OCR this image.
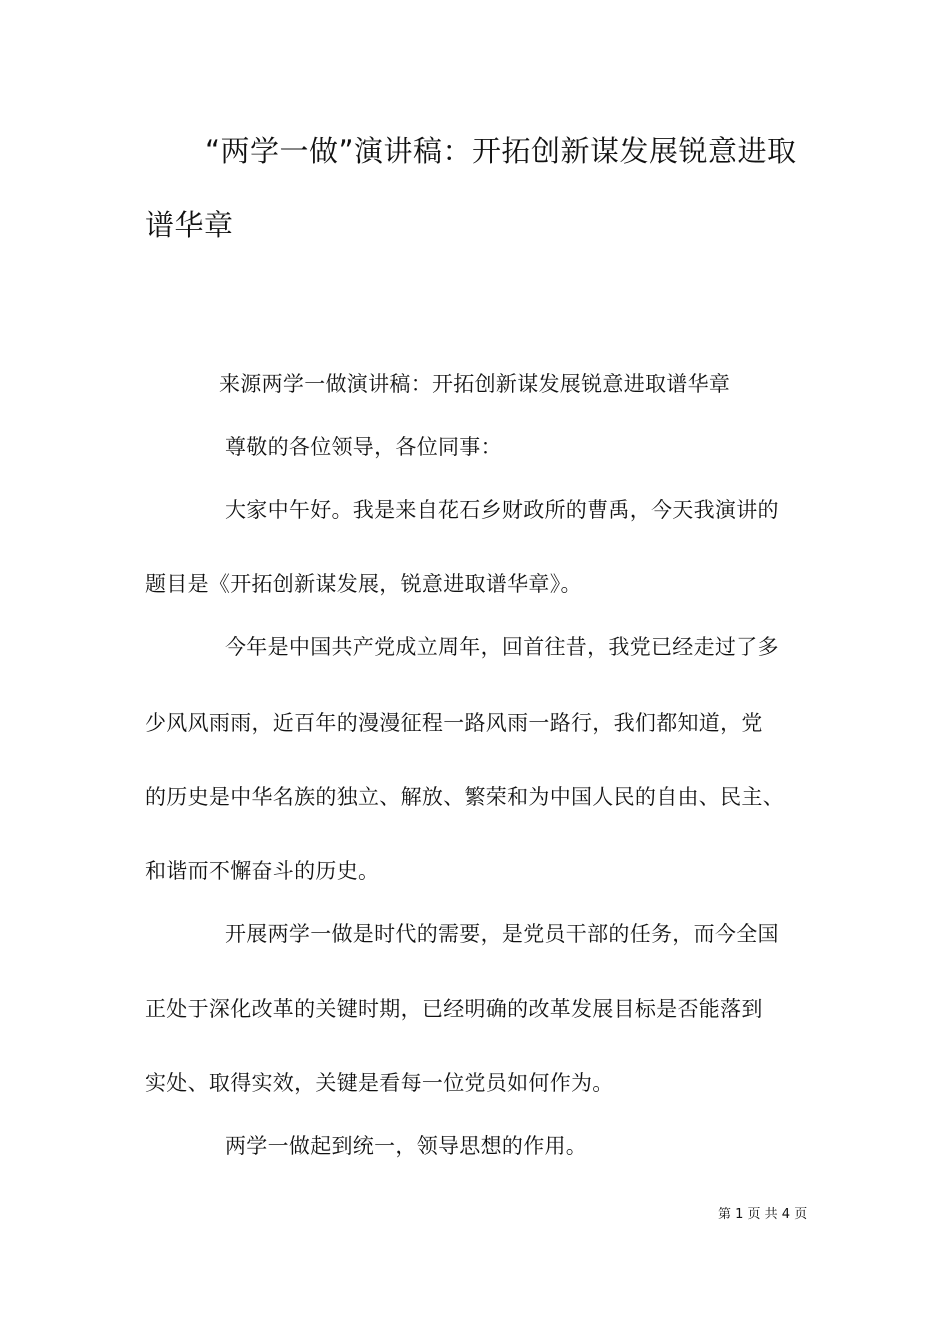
“两学一做”演讲稿：开拓创新谋发展锐意进取
谱华章
来源两学一做演讲稿：开拓创新谋发展锐意进取谱华章
尊敬的各位领导，各位同事：
大家中午好。我是来自花石乡财政所的曹禹，今天我演讲的
题目是《开拓创新谋发展，锐意进取谱华章》。
今年是中国共产党成立周年，回首往昔，我党已经走过了多
少风风雨雨，近百年的漫漫征程一路风雨一路行，我们都知道，党
的历史是中华名族的独立、解放、繁荣和为中国人民的自由、民主、
和谐而不懈奋斗的历史。
开展两学一做是时代的需要，是党员干部的任务，而今全国
正处于深化改革的关键时期，已经明确的改革发展目标是否能落到
实处、取得实效，关键是看每一位党员如何作为。
两学一做起到统一，领导思想的作用。
第 1 页 共 4 页
